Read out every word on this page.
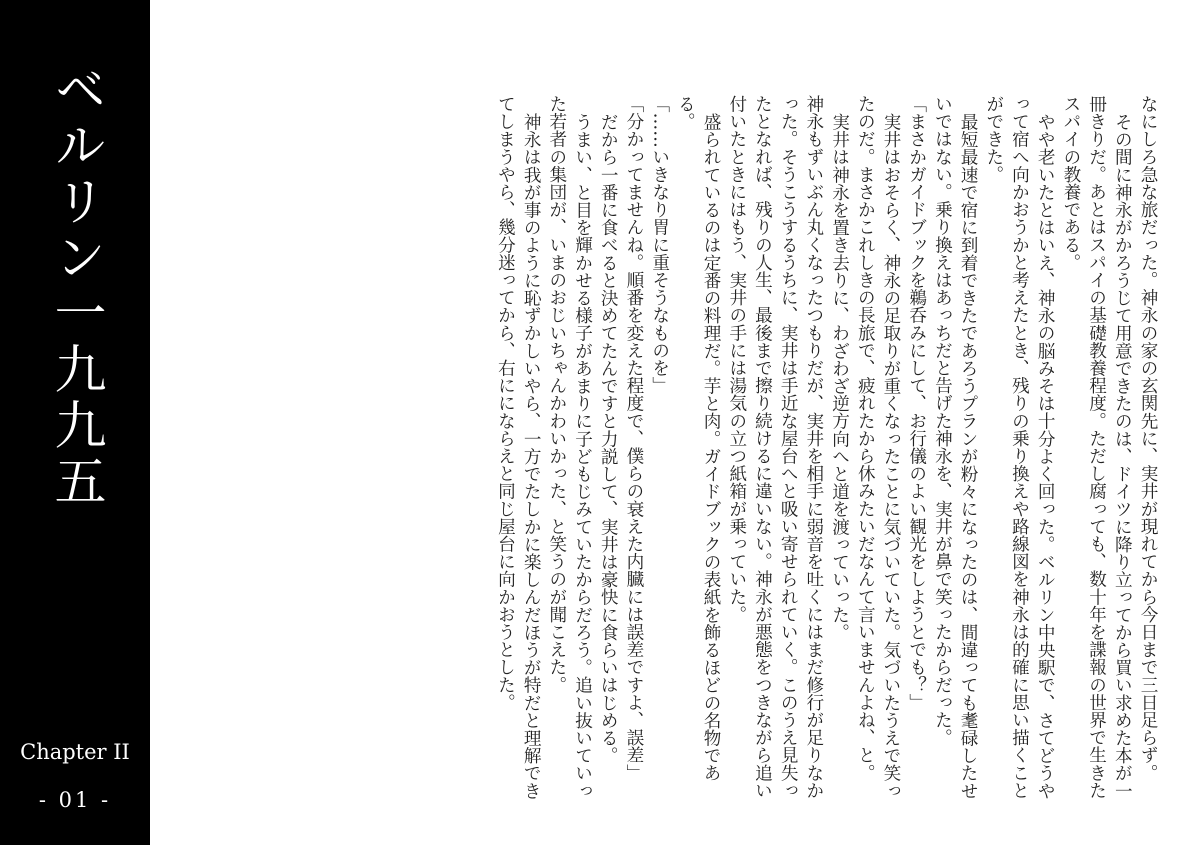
ベルリン一九九五
Chapter II
- 01 -

なにしろ急な旅だった。神永の家の玄関先に、実井が現れてから今日まで三日足らず。

その間に神永がかろうじて用意できたのは、ドイツに降り立ってから買い求めた本が一冊きりだ。あとはスパイの基礎教養程度。ただし腐っても、数十年を諜報の世界で生きたスパイの教養である。

やや老いたとはいえ、神永の脳みそは十分よく回った。ベルリン中央駅で、さてどうやって宿へ向かおうかと考えたとき、残りの乗り換えや路線図を神永は的確に思い描くことができた。

最短最速で宿に到着できたであろうプランが粉々になったのは、間違っても耄碌したせいではない。乗り換えはあっちだと告げた神永を、実井が鼻で笑ったからだった。

「まさかガイドブックを鵜呑みにして、お行儀のよい観光をしようとでも？」

実井はおそらく、神永の足取りが重くなったことに気づいていた。気づいたうえで笑ったのだ。まさかこれしきの長旅で、疲れたから休みたいだなんて言いませんよね、と。

実井は神永を置き去りに、わざわざ逆方向へと道を渡っていった。

神永もずいぶん丸くなったつもりだが、実井を相手に弱音を吐くにはまだ修行が足りなかった。そうこうするうちに、実井は手近な屋台へと吸い寄せられていく。このうえ見失ったとなれば、残りの人生、最後まで擦り続けるに違いない。神永が悪態をつきながら追い付いたときにはもう、実井の手には湯気の立つ紙箱が乗っていた。

盛られているのは定番の料理だ。芋と肉。ガイドブックの表紙を飾るほどの名物である。

「……いきなり胃に重そうなものを」

「分かってませんね。順番を変えた程度で、僕らの衰えた内臓には誤差ですよ、誤差」

だから一番に食べると決めてたんですと力説して、実井は豪快に食らいはじめる。

うまい、と目を輝かせる様子があまりに子どもじみていたからだろう。追い抜いていった若者の集団が、いまのおじいちゃんかわいかった、と笑うのが聞こえた。

神永は我が事のように恥ずかしいやら、一方でたしかに楽しんだほうが特だと理解できてしまうやら、幾分迷ってから、右ににならえと同じ屋台に向かおうとした。
